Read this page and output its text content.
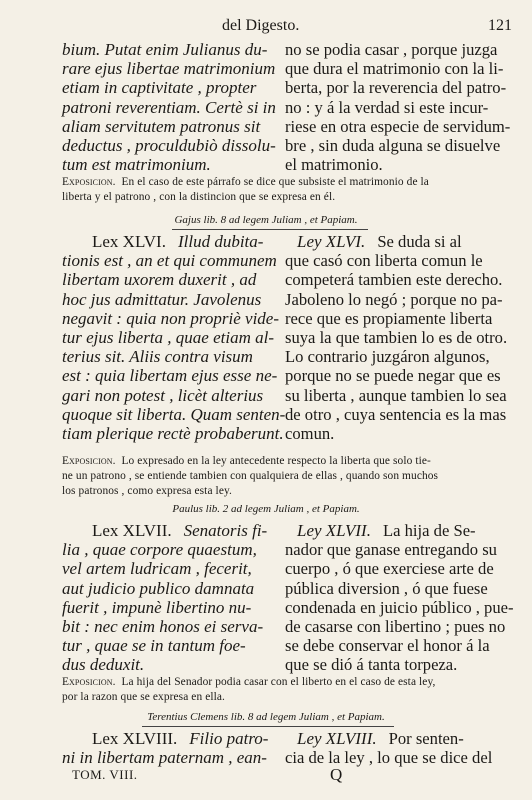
del Digesto.	121
bium. Putat enim Julianus du-
rare ejus libertae matrimonium
etiam in captivitate , propter
patroni reverentiam. Certè si in
aliam servitutem patronus sit
deductus , proculdubiò dissolu-
tum est matrimonium.
no se podia casar , porque juzga
que dura el matrimonio con la li-
berta, por la reverencia del patro-
no : y á la verdad si este incur-
riese en otra especie de servidum-
bre , sin duda alguna se disuelve
el matrimonio.
Exposicion.  En el caso de este párrafo se dice que subsiste el matrimonio de la
liberta y el patrono , con la distincion que se expresa en él.
Gajus lib. 8 ad legem Juliam , et Papiam.
Lex XLVI. Illud dubita-
tionis est , an et qui communem
libertam uxorem duxerit , ad
hoc jus admittatur. Javolenus
negavit : quia non propriè vide-
tur ejus liberta , quae etiam al-
terius sit. Aliis contra visum
est : quia libertam ejus esse ne-
gari non potest , licèt alterius
quoque sit liberta. Quam senten-
tiam plerique rectè probaberunt.
Ley XLVI. Se duda si al
que casó con liberta comun le
competerá tambien este derecho.
Jaboleno lo negó ; porque no pa-
rece que es propiamente liberta
suya la que tambien lo es de otro.
Lo contrario juzgáron algunos,
porque no se puede negar que es
su liberta , aunque tambien lo sea
de otro , cuya sentencia es la mas
comun.
Exposicion.  Lo expresado en la ley antecedente respecto la liberta que solo tie-
ne un patrono , se entiende tambien con qualquiera de ellas , quando son muchos
los patronos , como expresa esta ley.
Paulus lib. 2 ad legem Juliam , et Papiam.
Lex XLVII. Senatoris fi-
lia , quae corpore quaestum,
vel artem ludricam , fecerit,
aut judicio publico damnata
fuerit , impunè libertino nu-
bit : nec enim honos ei serva-
tur , quae se in tantum foe-
dus deduxit.
Ley XLVII. La hija de Se-
nador que ganase entregando su
cuerpo , ó que exerciese arte de
pública diversion , ó que fuese
condenada en juicio público , pue-
de casarse con libertino ; pues no
se debe conservar el honor á la
que se dió á tanta torpeza.
Exposicion.  La hija del Senador podia casar con el liberto en el caso de esta ley,
por la razon que se expresa en ella.
Terentius Clemens lib. 8 ad legem Juliam , et Papiam.
Lex XLVIII. Filio patro-
ni in libertam paternam , ean-
Ley XLVIII. Por senten-
cia de la ley , lo que se dice del
TOM. VIII.	Q
